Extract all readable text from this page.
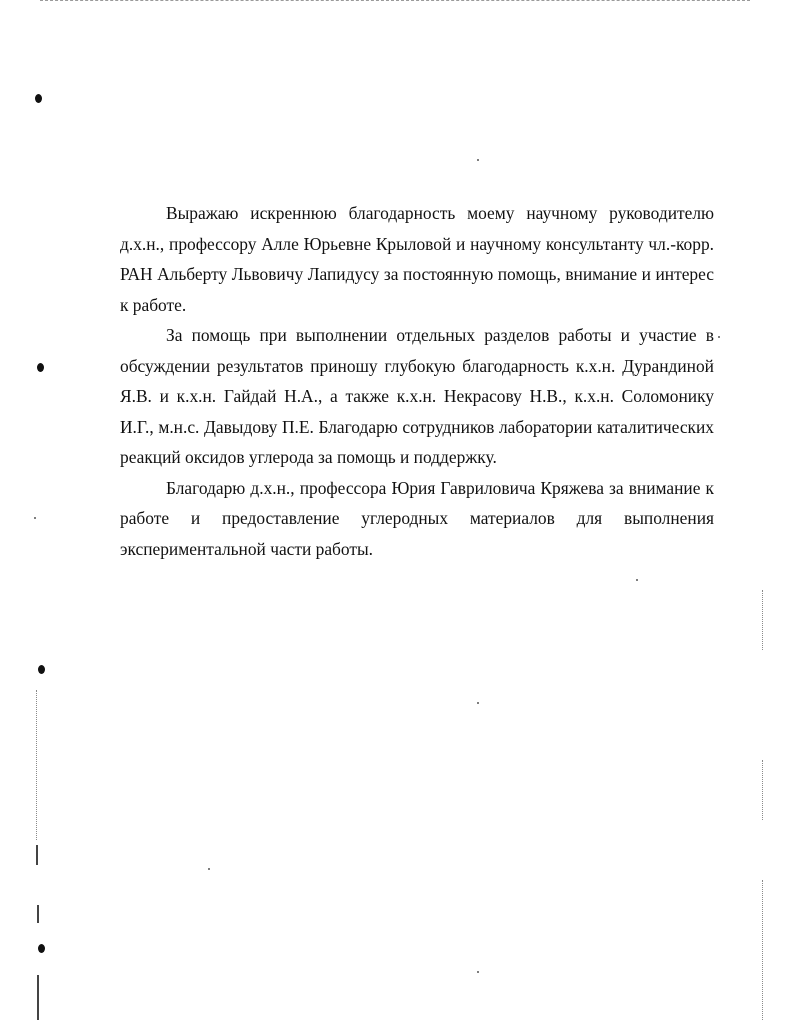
Выражаю искреннюю благодарность моему научному руководителю д.х.н., профессору Алле Юрьевне Крыловой и научному консультанту чл.-корр. РАН Альберту Львовичу Лапидусу за постоянную помощь, внимание и интерес к работе.

За помощь при выполнении отдельных разделов работы и участие в обсуждении результатов приношу глубокую благодарность к.х.н. Дурандиной Я.В. и к.х.н. Гайдай Н.А., а также к.х.н. Некрасову Н.В., к.х.н. Соломонику И.Г., м.н.с. Давыдову П.Е. Благодарю сотрудников лаборатории каталитических реакций оксидов углерода за помощь и поддержку.

Благодарю д.х.н., профессора Юрия Гавриловича Кряжева за внимание к работе и предоставление углеродных материалов для выполнения экспериментальной части работы.
